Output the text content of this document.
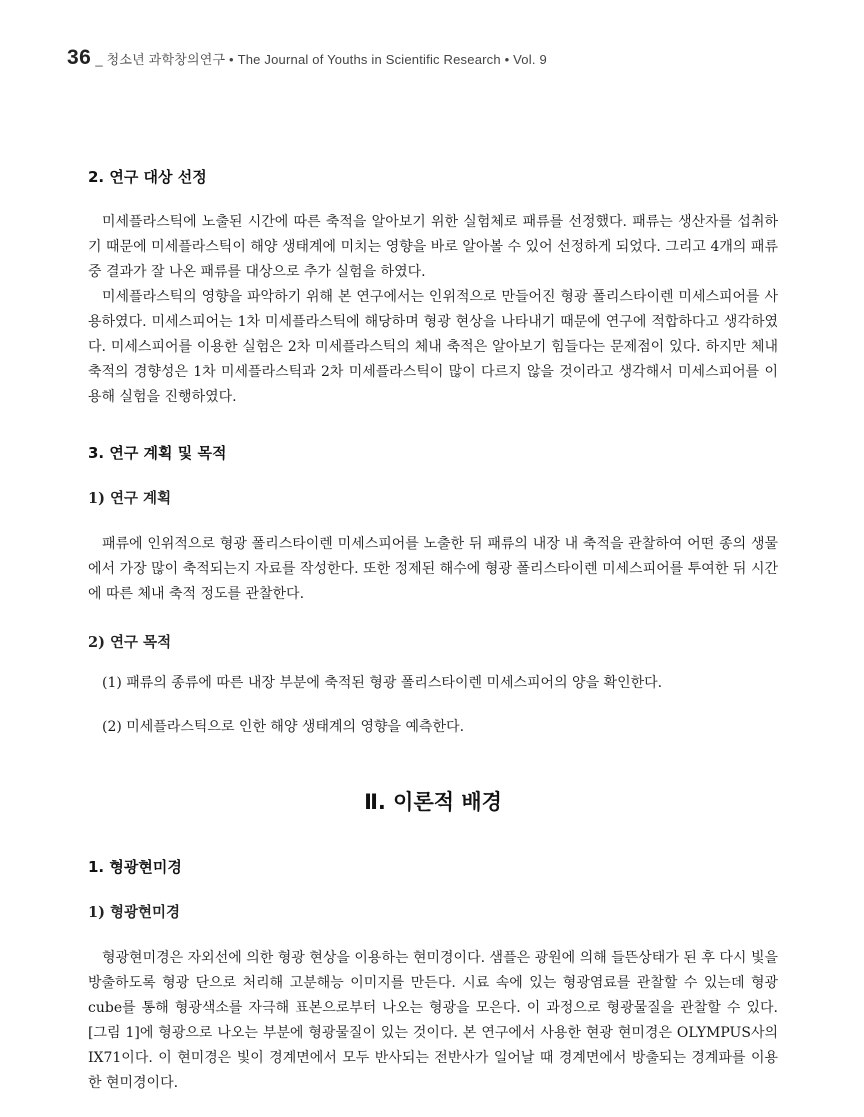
36 _ 청소년 과학창의연구 • The Journal of Youths in Scientific Research • Vol. 9
2. 연구 대상 선정

미세플라스틱에 노출된 시간에 따른 축적을 알아보기 위한 실험체로 패류를 선정했다. 패류는 생산자를 섭취하기 때문에 미세플라스틱이 해양 생태계에 미치는 영향을 바로 알아볼 수 있어 선정하게 되었다. 그리고 4개의 패류 중 결과가 잘 나온 패류를 대상으로 추가 실험을 하였다.

미세플라스틱의 영향을 파악하기 위해 본 연구에서는 인위적으로 만들어진 형광 폴리스타이렌 미세스피어를 사용하였다. 미세스피어는 1차 미세플라스틱에 해당하며 형광 현상을 나타내기 때문에 연구에 적합하다고 생각하였다. 미세스피어를 이용한 실험은 2차 미세플라스틱의 체내 축적은 알아보기 힘들다는 문제점이 있다. 하지만 체내 축적의 경향성은 1차 미세플라스틱과 2차 미세플라스틱이 많이 다르지 않을 것이라고 생각해서 미세스피어를 이용해 실험을 진행하였다.

3. 연구 계획 및 목적
1) 연구 계획

패류에 인위적으로 형광 폴리스타이렌 미세스피어를 노출한 뒤 패류의 내장 내 축적을 관찰하여 어떤 종의 생물에서 가장 많이 축적되는지 자료를 작성한다. 또한 정제된 해수에 형광 폴리스타이렌 미세스피어를 투여한 뒤 시간에 따른 체내 축적 정도를 관찰한다.

2) 연구 목적

(1) 패류의 종류에 따른 내장 부분에 축적된 형광 폴리스타이렌 미세스피어의 양을 확인한다.

(2) 미세플라스틱으로 인한 해양 생태계의 영향을 예측한다.

Ⅱ. 이론적 배경
1. 형광현미경
1) 형광현미경

형광현미경은 자외선에 의한 형광 현상을 이용하는 현미경이다. 샘플은 광원에 의해 들뜬상태가 된 후 다시 빛을 방출하도록 형광 단으로 처리해 고분해능 이미지를 만든다. 시료 속에 있는 형광염료를 관찰할 수 있는데 형광 cube를 통해 형광색소를 자극해 표본으로부터 나오는 형광을 모은다. 이 과정으로 형광물질을 관찰할 수 있다. [그림 1]에 형광으로 나오는 부분에 형광물질이 있는 것이다. 본 연구에서 사용한 현광 현미경은 OLYMPUS사의 IX71이다. 이 현미경은 빛이 경계면에서 모두 반사되는 전반사가 일어날 때 경계면에서 방출되는 경계파를 이용한 현미경이다.
